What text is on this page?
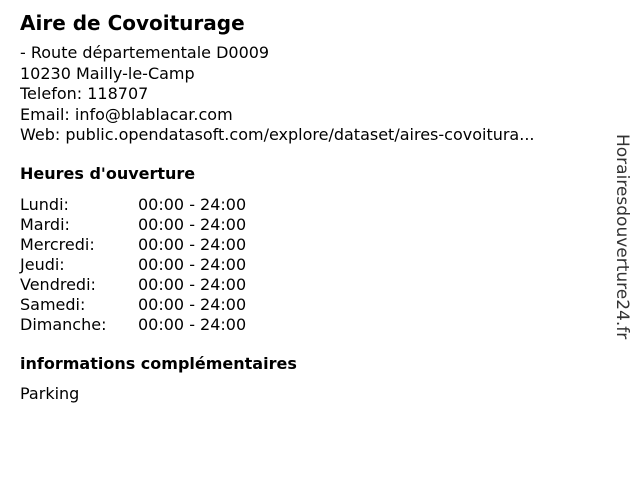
Aire de Covoiturage
- Route départementale D0009
10230 Mailly-le-Camp
Telefon: 118707
Email: info@blablacar.com
Web: public.opendatasoft.com/explore/dataset/aires-covoitura...
Heures d'ouverture
Lundi:	00:00 - 24:00
Mardi:	00:00 - 24:00
Mercredi:	00:00 - 24:00
Jeudi:	00:00 - 24:00
Vendredi:	00:00 - 24:00
Samedi:	00:00 - 24:00
Dimanche:	00:00 - 24:00
informations complémentaires
Parking
Horairesdouverture24.fr
